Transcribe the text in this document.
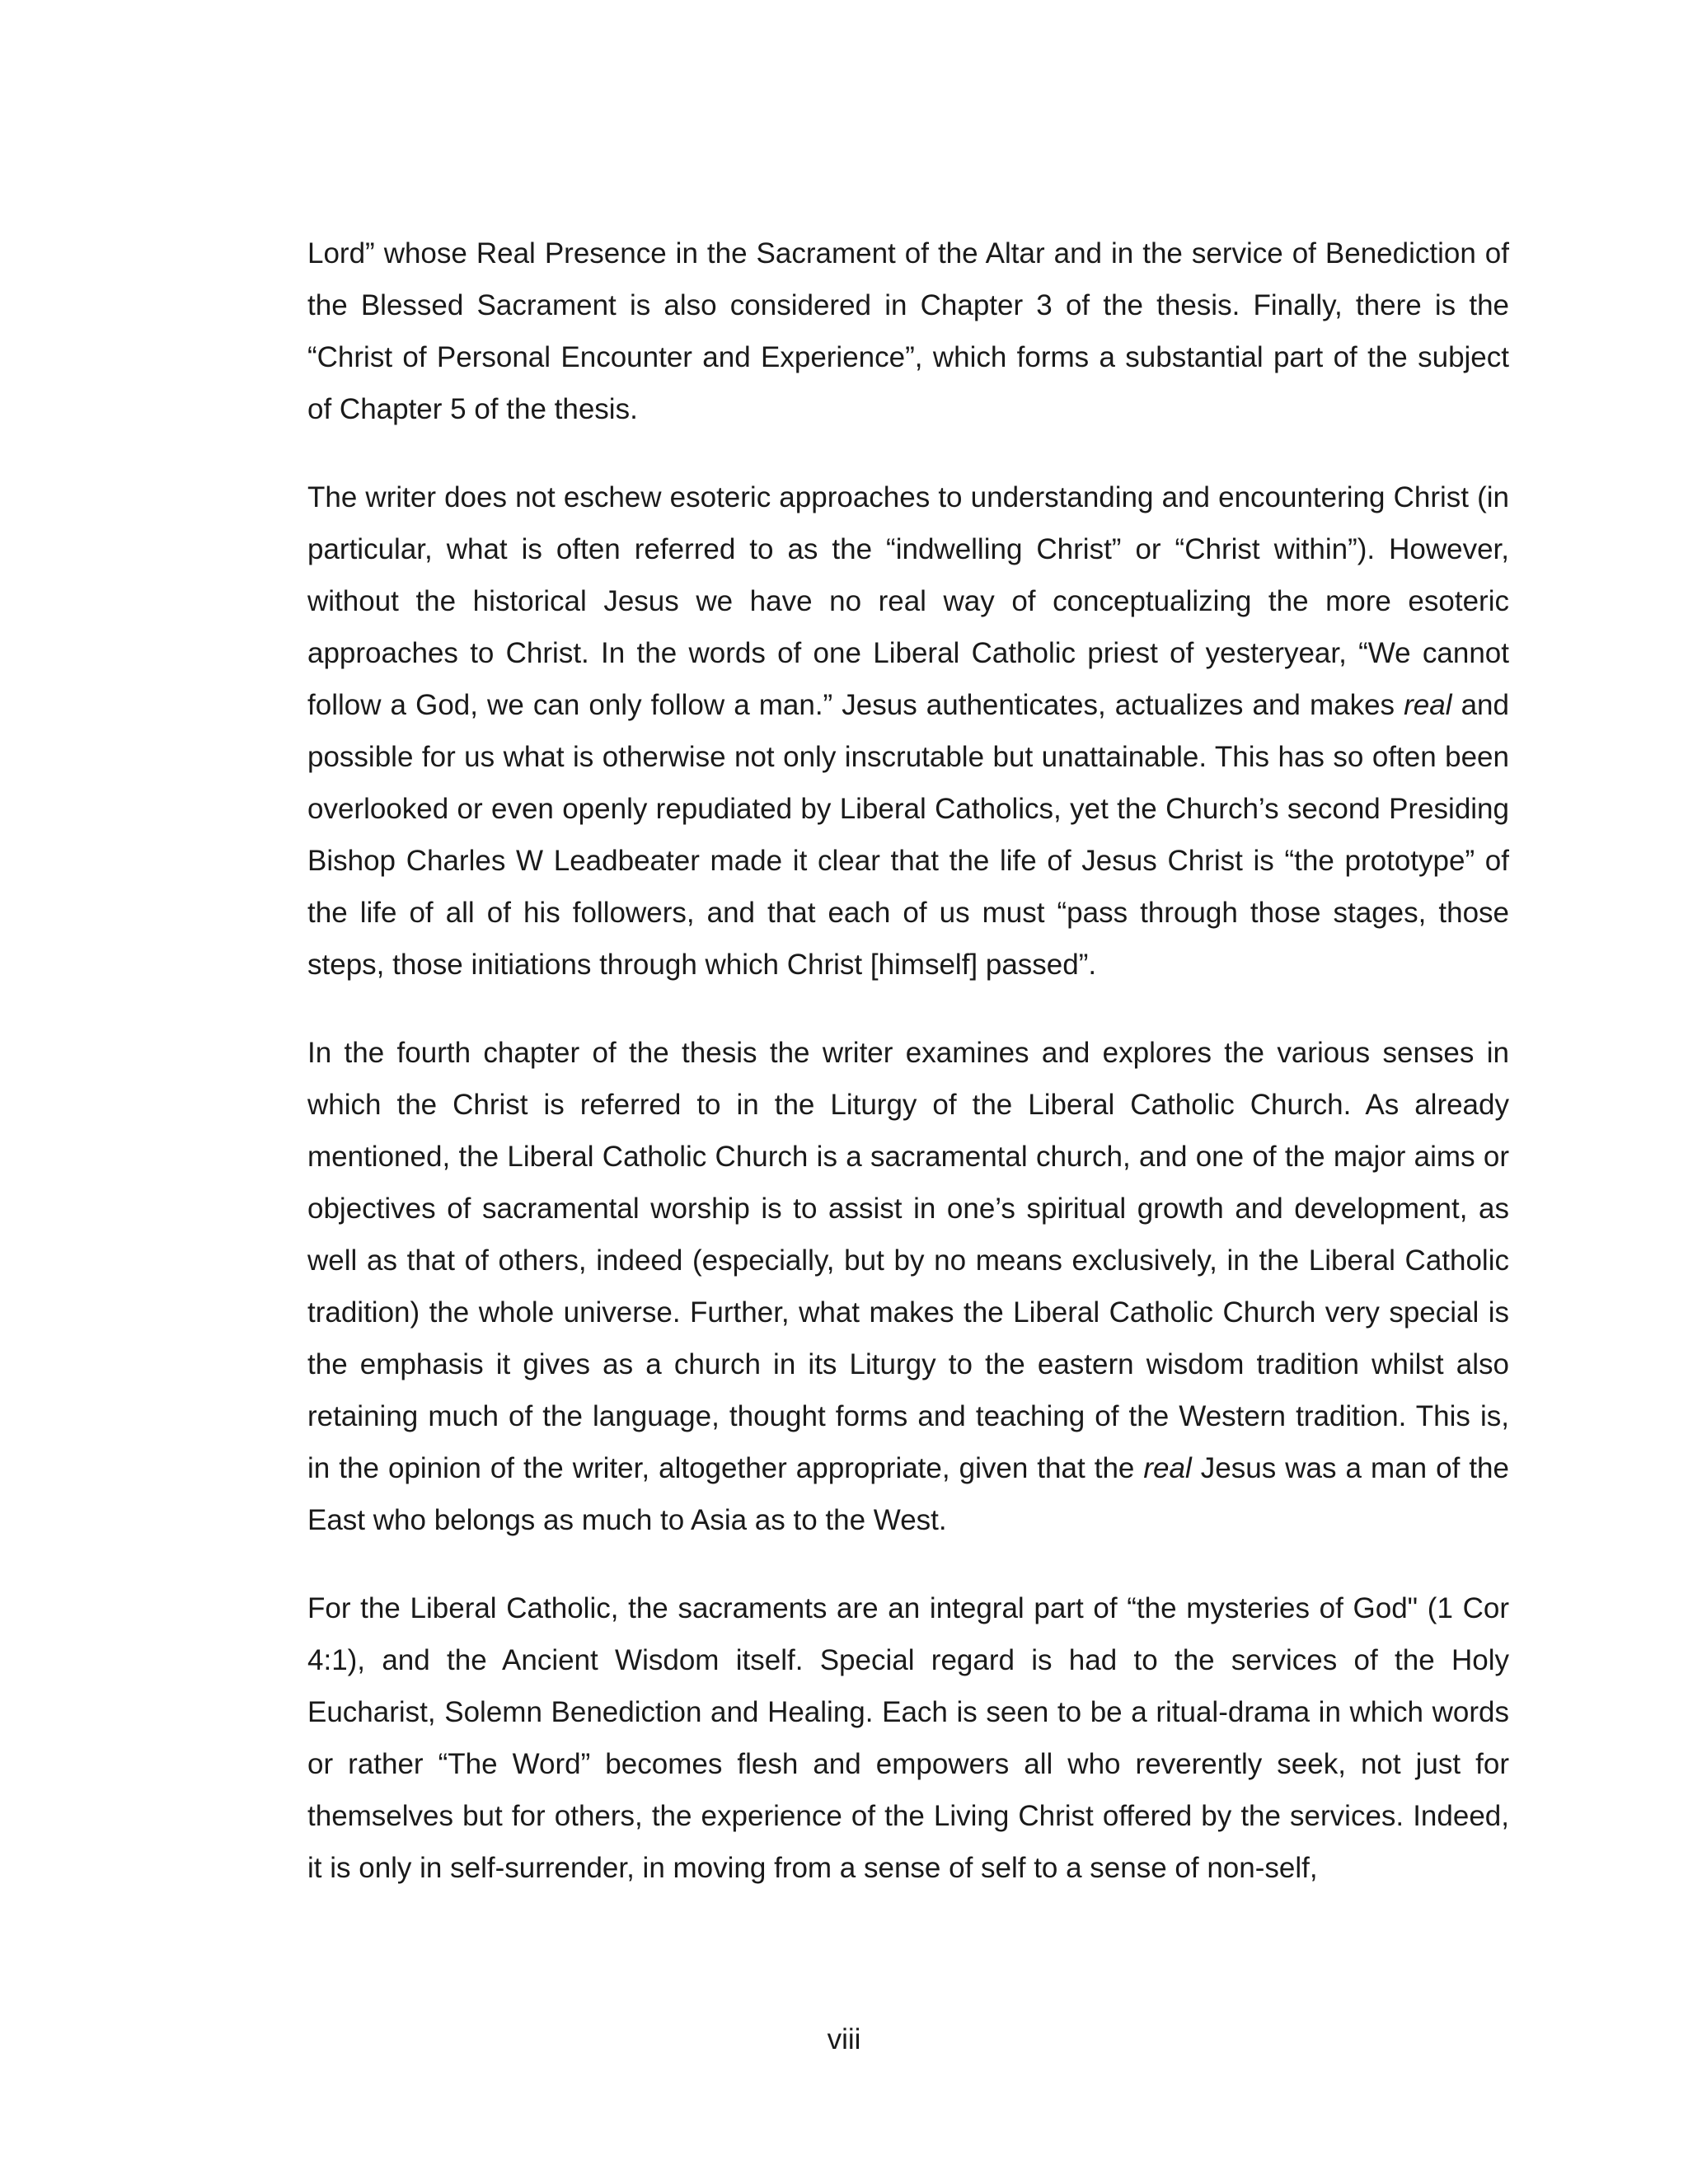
Lord” whose Real Presence in the Sacrament of the Altar and in the service of Benediction of the Blessed Sacrament is also considered in Chapter 3 of the thesis. Finally, there is the “Christ of Personal Encounter and Experience”, which forms a substantial part of the subject of Chapter 5 of the thesis.

The writer does not eschew esoteric approaches to understanding and encountering Christ (in particular, what is often referred to as the “indwelling Christ” or “Christ within”). However, without the historical Jesus we have no real way of conceptualizing the more esoteric approaches to Christ. In the words of one Liberal Catholic priest of yesteryear, “We cannot follow a God, we can only follow a man.” Jesus authenticates, actualizes and makes real and possible for us what is otherwise not only inscrutable but unattainable. This has so often been overlooked or even openly repudiated by Liberal Catholics, yet the Church’s second Presiding Bishop Charles W Leadbeater made it clear that the life of Jesus Christ is “the prototype” of the life of all of his followers, and that each of us must “pass through those stages, those steps, those initiations through which Christ [himself] passed”.

In the fourth chapter of the thesis the writer examines and explores the various senses in which the Christ is referred to in the Liturgy of the Liberal Catholic Church. As already mentioned, the Liberal Catholic Church is a sacramental church, and one of the major aims or objectives of sacramental worship is to assist in one’s spiritual growth and development, as well as that of others, indeed (especially, but by no means exclusively, in the Liberal Catholic tradition) the whole universe. Further, what makes the Liberal Catholic Church very special is the emphasis it gives as a church in its Liturgy to the eastern wisdom tradition whilst also retaining much of the language, thought forms and teaching of the Western tradition. This is, in the opinion of the writer, altogether appropriate, given that the real Jesus was a man of the East who belongs as much to Asia as to the West.

For the Liberal Catholic, the sacraments are an integral part of “the mysteries of God" (1 Cor 4:1), and the Ancient Wisdom itself. Special regard is had to the services of the Holy Eucharist, Solemn Benediction and Healing. Each is seen to be a ritual-drama in which words or rather “The Word” becomes flesh and empowers all who reverently seek, not just for themselves but for others, the experience of the Living Christ offered by the services. Indeed, it is only in self-surrender, in moving from a sense of self to a sense of non-self,

viii
